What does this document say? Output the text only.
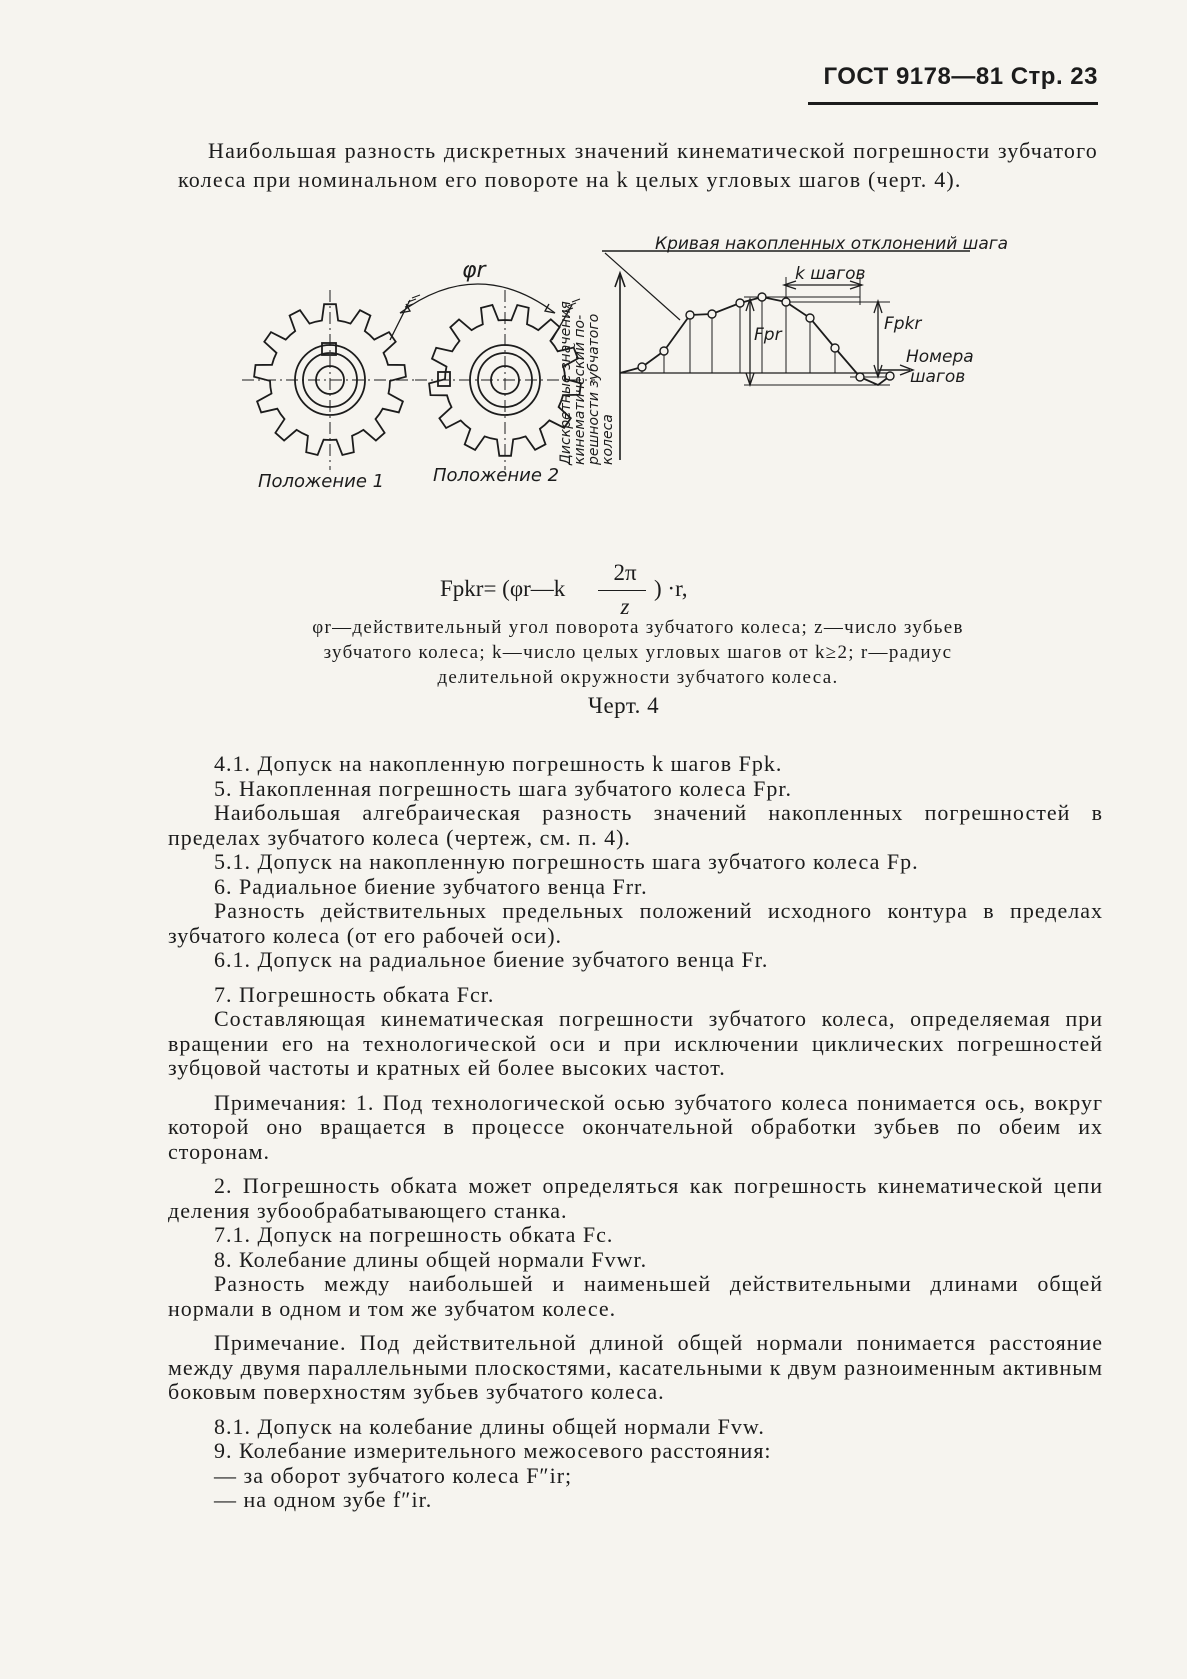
ГОСТ 9178—81 Стр. 23
Наибольшая разность дискретных значений кинематической погрешности зубчатого колеса при номинальном его повороте на k целых угловых шагов (черт. 4).
Кривая накопленных отклонений шага
φr	k шагов
Fpr
Fpkr
Номера
шагов
Дискретные значения
кинематический по-
решности зубчатого
колеса
Положение 1	Положение 2
Fpkr= (φr—k
2π
z
) ·r,
φr—действительный угол поворота зубчатого колеса; z—число зубьев зубчатого колеса; k—число целых угловых шагов от k≥2; r—радиус делительной окружности зубчатого колеса.
Черт. 4

4.1. Допуск на накопленную погрешность k шагов Fpk.

5. Накопленная погрешность шага зубчатого колеса Fpr.

Наибольшая алгебраическая разность значений накопленных погрешностей в пределах зубчатого колеса (чертеж, см. п. 4).

5.1. Допуск на накопленную погрешность шага зубчатого колеса Fp.

6. Радиальное биение зубчатого венца Frr.

Разность действительных предельных положений исходного контура в пределах зубчатого колеса (от его рабочей оси).

6.1. Допуск на радиальное биение зубчатого венца Fr.

7. Погрешность обката Fcr.

Составляющая кинематическая погрешности зубчатого колеса, определяемая при вращении его на технологической оси и при исключении циклических погрешностей зубцовой частоты и кратных ей более высоких частот.

Примечания: 1. Под технологической осью зубчатого колеса понимается ось, вокруг которой оно вращается в процессе окончательной обработки зубьев по обеим их сторонам.

2. Погрешность обката может определяться как погрешность кинематической цепи деления зубообрабатывающего станка.

7.1. Допуск на погрешность обката Fc.

8. Колебание длины общей нормали Fvwr.

Разность между наибольшей и наименьшей действительными длинами общей нормали в одном и том же зубчатом колесе.

Примечание. Под действительной длиной общей нормали понимается расстояние между двумя параллельными плоскостями, касательными к двум разноименным активным боковым поверхностям зубьев зубчатого колеса.

8.1. Допуск на колебание длины общей нормали Fvw.

9. Колебание измерительного межосевого расстояния:

— за оборот зубчатого колеса F″ir;

— на одном зубе f″ir.
